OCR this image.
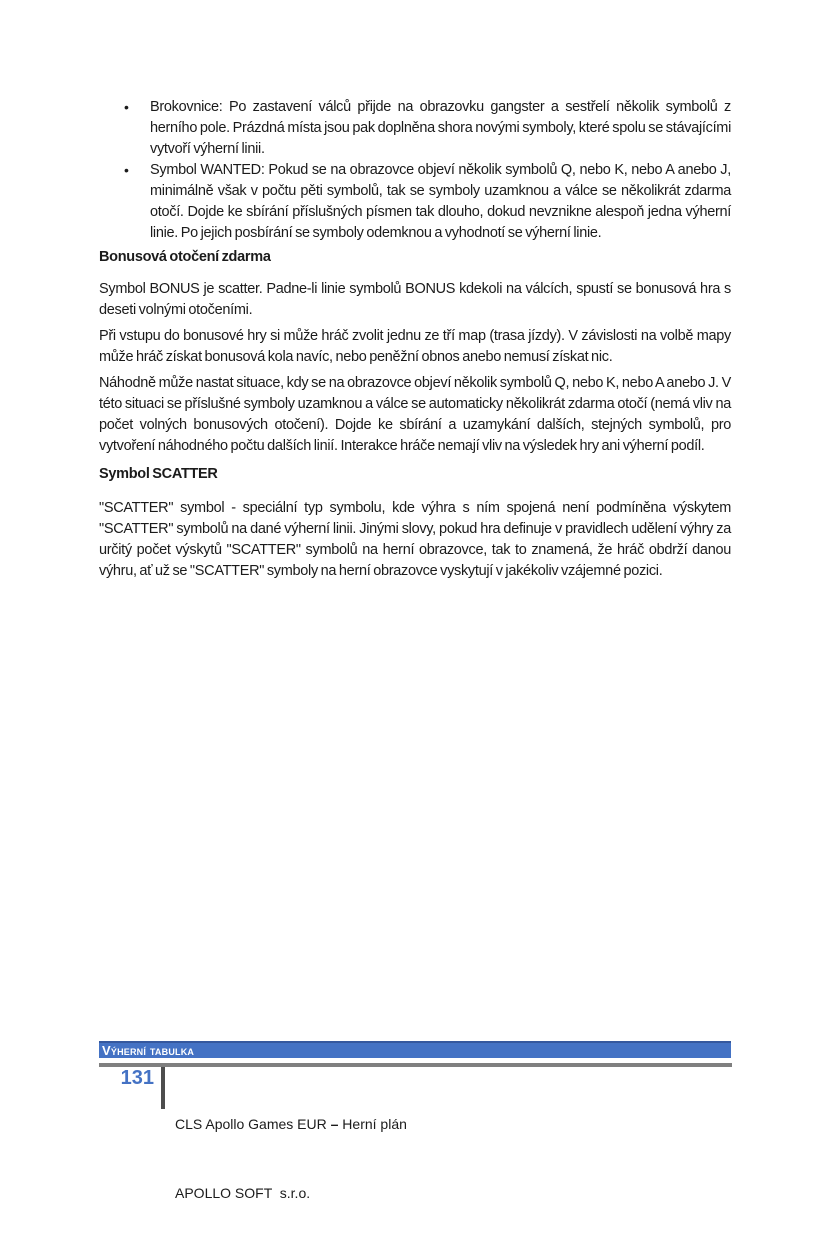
• Brokovnice: Po zastavení válců přijde na obrazovku gangster a sestřelí několik symbolů z herního pole. Prázdná místa jsou pak doplněna shora novými symboly, které spolu se stávajícími vytvoří výherní linii.
• Symbol WANTED: Pokud se na obrazovce objeví několik symbolů Q, nebo K, nebo A anebo J, minimálně však v počtu pěti symbolů, tak se symboly uzamknou a válce se několikrát zdarma otočí. Dojde ke sbírání příslušných písmen tak dlouho, dokud nevznikne alespoň jedna výherní linie. Po jejich posbírání se symboly odemknou a vyhodnotí se výherní linie.
Bonusová otočení zdarma

Symbol BONUS je scatter. Padne-li linie symbolů BONUS kdekoli na válcích, spustí se bonusová hra s deseti volnými otočeními.

Při vstupu do bonusové hry si může hráč zvolit jednu ze tří map (trasa jízdy). V závislosti na volbě mapy může hráč získat bonusová kola navíc, nebo peněžní obnos anebo nemusí získat nic.

Náhodně může nastat situace, kdy se na obrazovce objeví několik symbolů Q, nebo K, nebo A anebo J. V této situaci se příslušné symboly uzamknou a válce se automaticky několikrát zdarma otočí (nemá vliv na počet volných bonusových otočení). Dojde ke sbírání a uzamykání dalších, stejných symbolů, pro vytvoření náhodného počtu dalších linií. Interakce hráče nemají vliv na výsledek hry ani výherní podíl.

Symbol SCATTER

"SCATTER" symbol - speciální typ symbolu, kde výhra s ním spojená není podmíněna výskytem "SCATTER" symbolů na dané výherní linii. Jinými slovy, pokud hra definuje v pravidlech udělení výhry za určitý počet výskytů "SCATTER" symbolů na herní obrazovce, tak to znamená, že hráč obdrží danou výhru, ať už se "SCATTER" symboly na herní obrazovce vyskytují v jakékoliv vzájemné pozici.

Výherní tabulka
131

CLS Apollo Games EUR – Herní plán

APOLLO SOFT  s.r.o.
